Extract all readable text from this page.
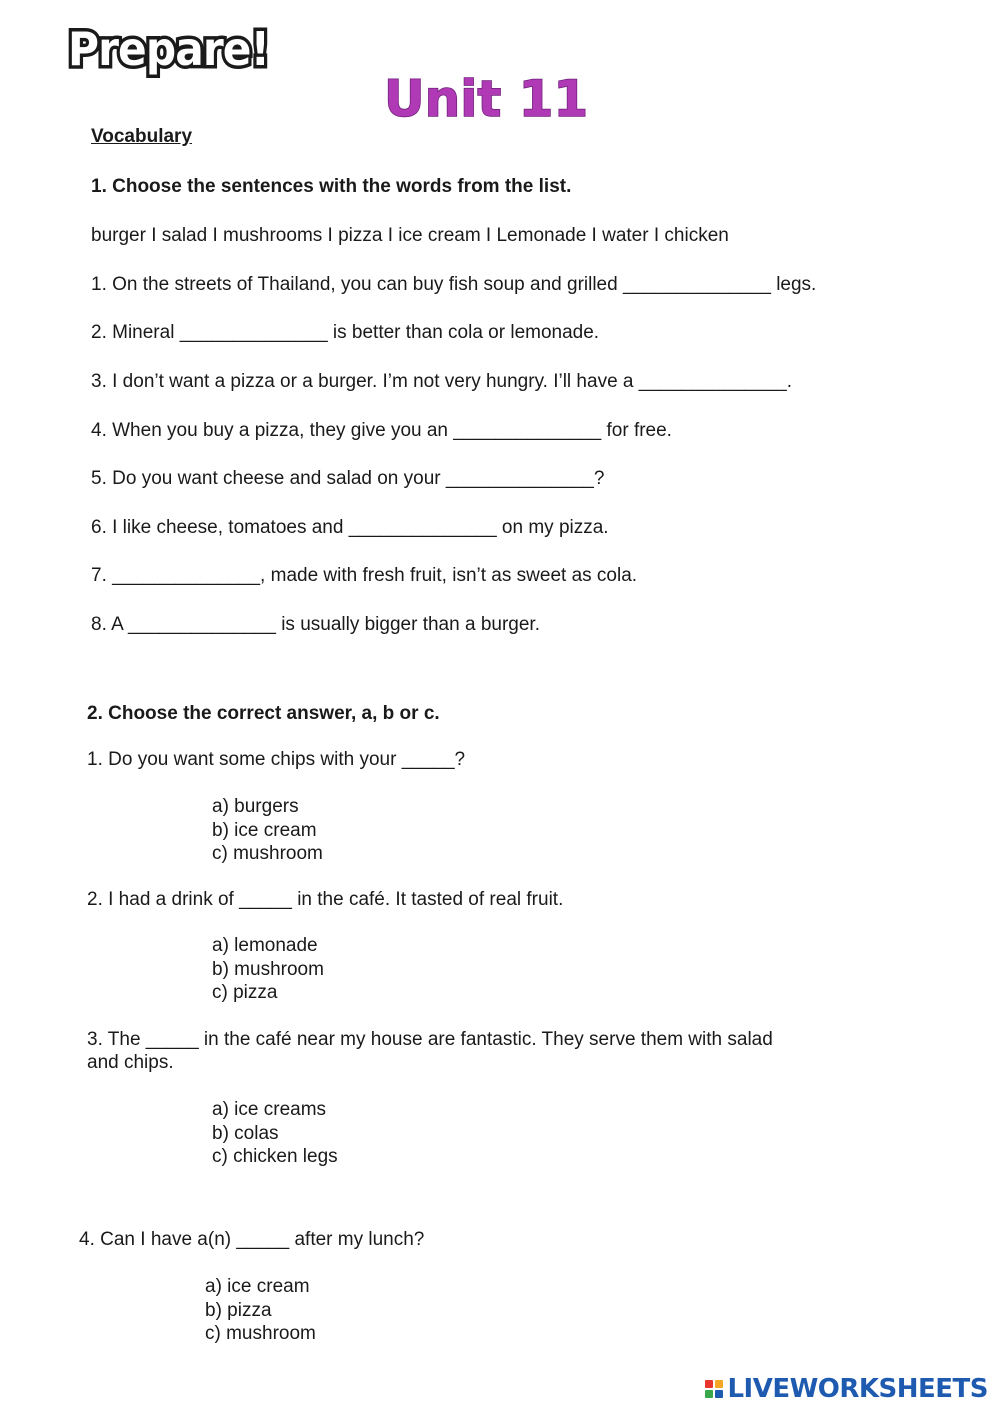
Prepare!
Unit 11
Vocabulary
1. Choose the sentences with the words from the list.
burger I salad I mushrooms I pizza I ice cream I Lemonade I water I chicken
1. On the streets of Thailand, you can buy fish soup and grilled ______________ legs.
2. Mineral ______________ is better than cola or lemonade.
3. I don’t want a pizza or a burger. I’m not very hungry. I’ll have a ______________.
4. When you buy a pizza, they give you an ______________ for free.
5. Do you want cheese and salad on your ______________?
6. I like cheese, tomatoes and ______________ on my pizza.
7. ______________, made with fresh fruit, isn’t as sweet as cola.
8. A ______________ is usually bigger than a burger.
2. Choose the correct answer, a, b or c.
1. Do you want some chips with your _____?
a) burgers
b) ice cream
c) mushroom
2. I had a drink of _____ in the café. It tasted of real fruit.
a) lemonade
b) mushroom
c) pizza
3. The _____ in the café near my house are fantastic. They serve them with salad
and chips.
a) ice creams
b) colas
c) chicken legs
4. Can I have a(n) _____ after my lunch?
a) ice cream
b) pizza
c) mushroom
LIVEWORKSHEETS
